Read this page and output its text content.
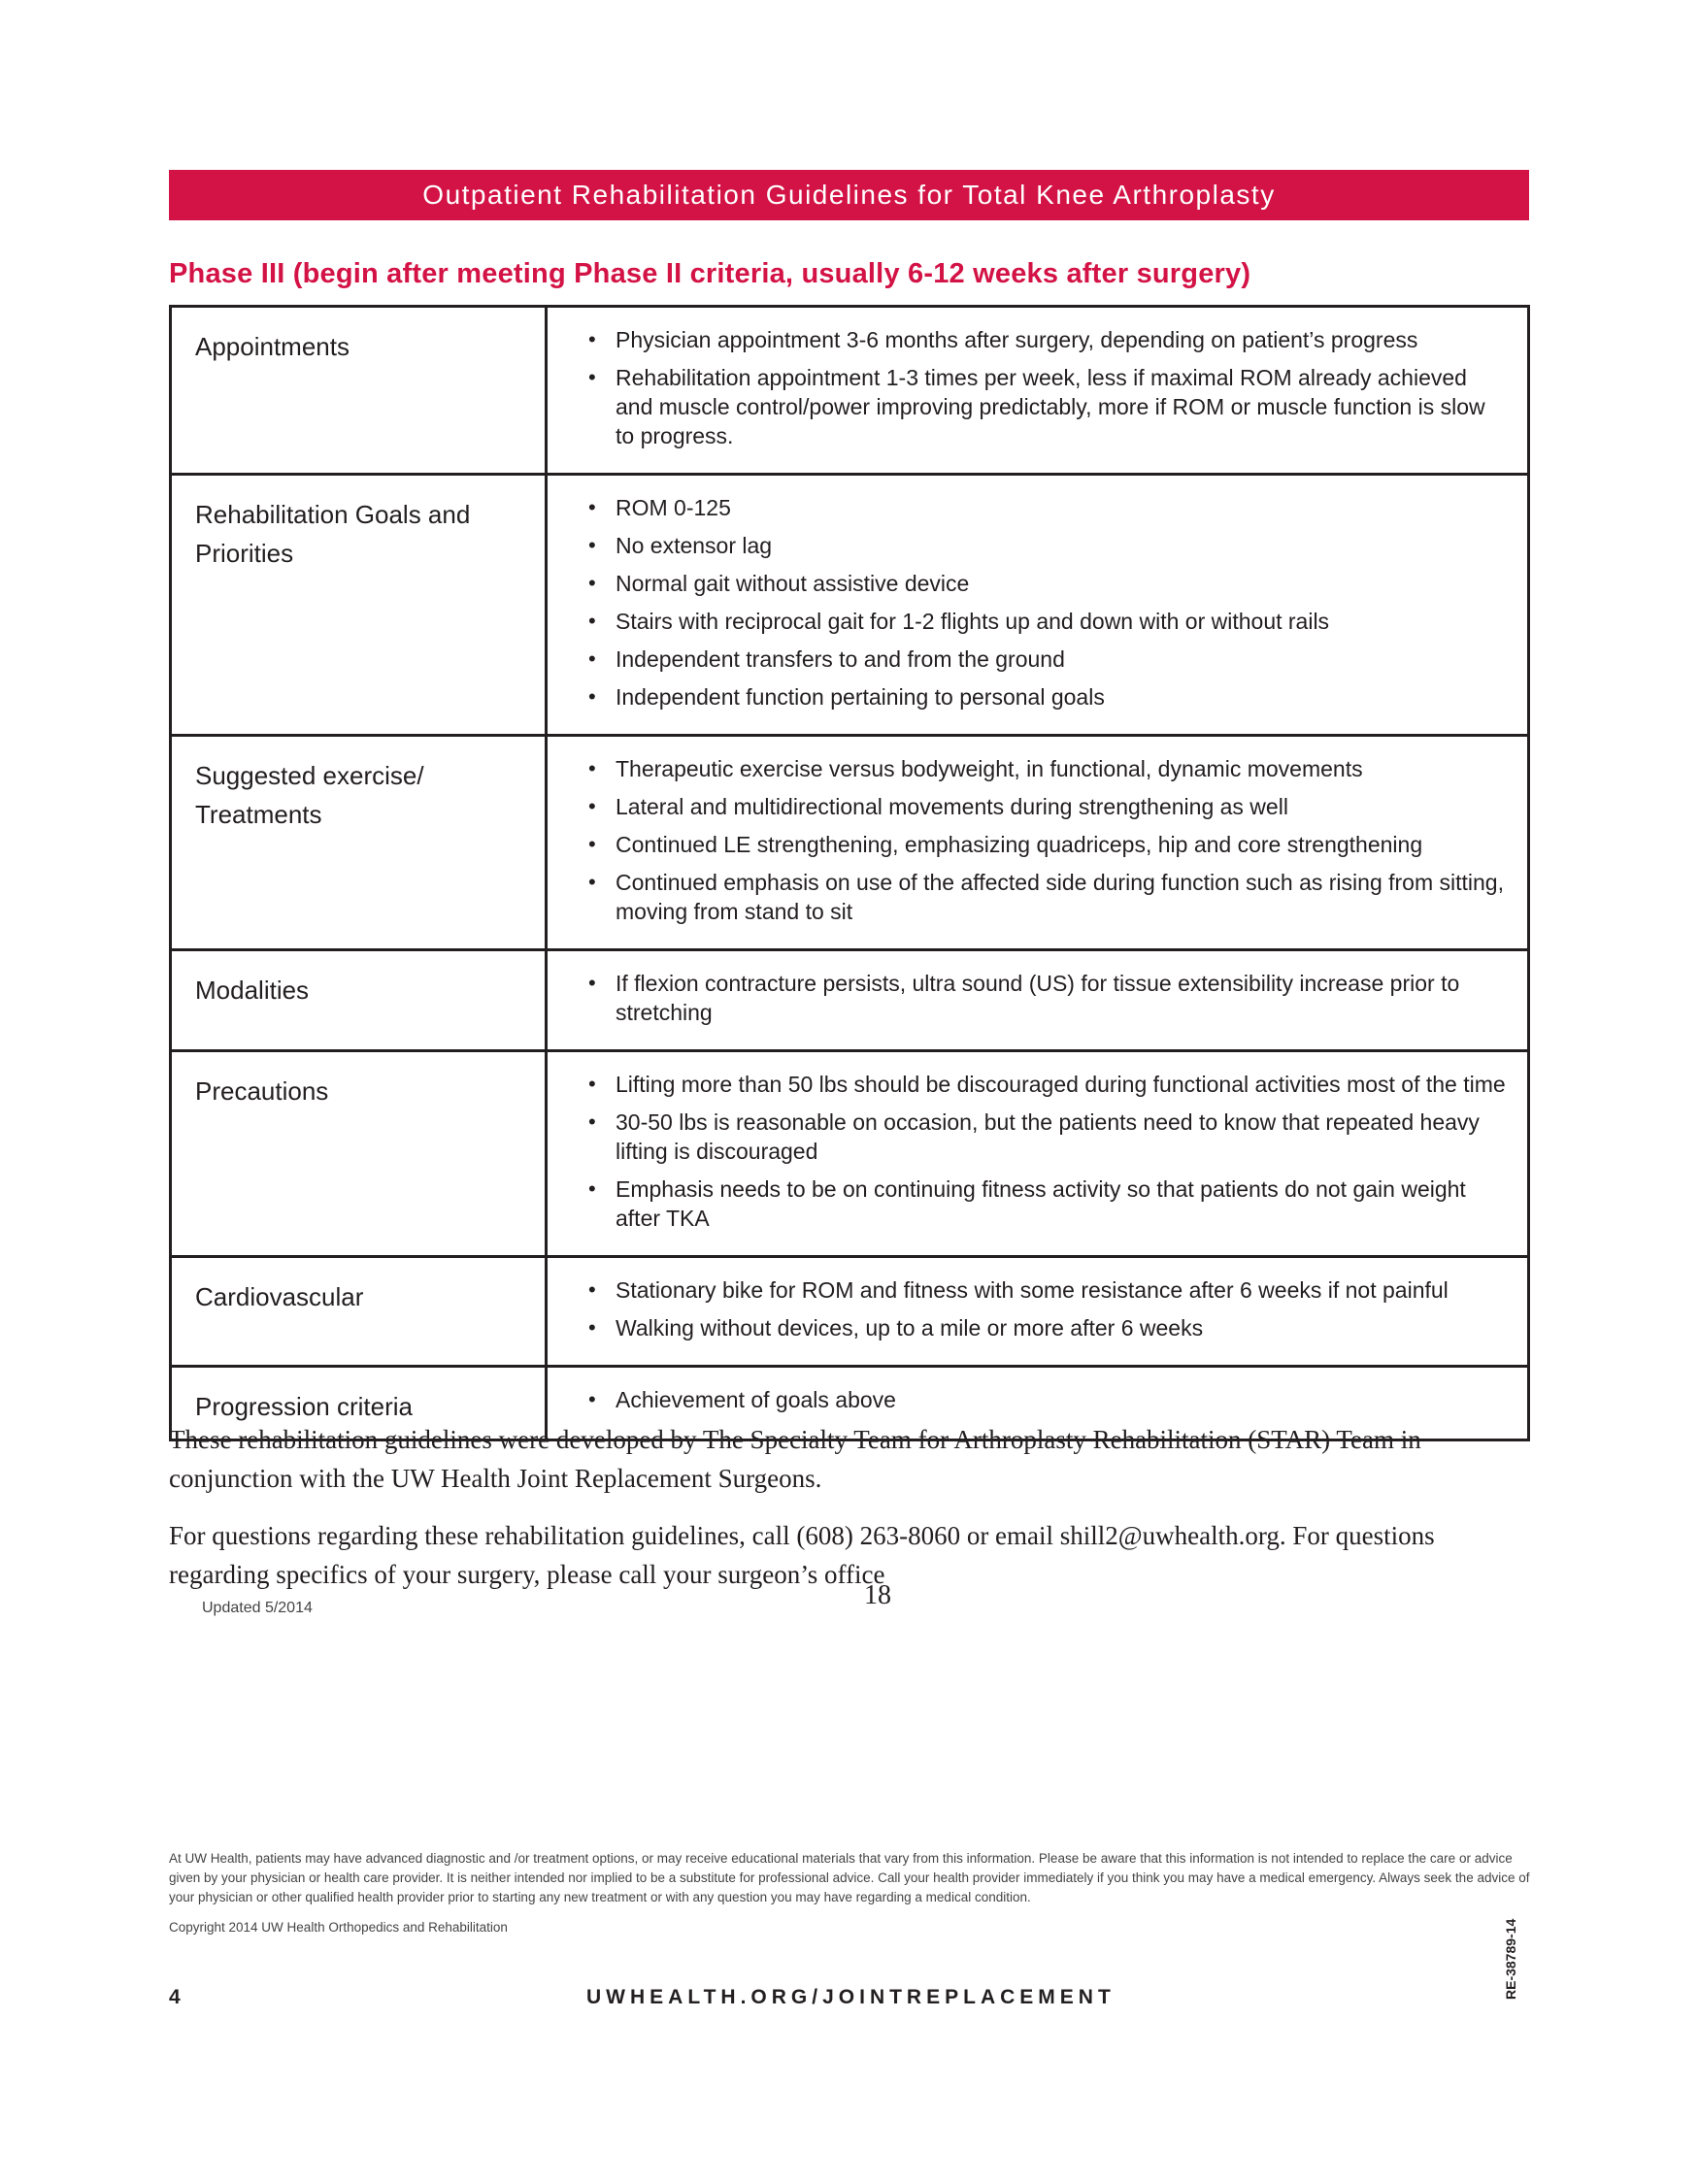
Outpatient Rehabilitation Guidelines for Total Knee Arthroplasty
Phase III (begin after meeting Phase II criteria, usually 6-12 weeks after surgery)
Appointments	
•Physician appointment 3-6 months after surgery, depending on patient’s progress
• Rehabilitation appointment 1-3 times per week, less if maximal ROM already achieved and muscle control/power improving predictably, more if ROM or muscle function is slow to progress.

Rehabilitation Goals and Priorities	
• ROM 0-125
• No extensor lag
• Normal gait without assistive device
• Stairs with reciprocal gait for 1-2 flights up and down with or without rails
• Independent transfers to and from the ground
• Independent function pertaining to personal goals

Suggested exercise/ Treatments	
• Therapeutic exercise versus bodyweight, in functional, dynamic movements
• Lateral and multidirectional movements during strengthening as well
• Continued LE strengthening, emphasizing quadriceps, hip and core strengthening
• Continued emphasis on use of the affected side during function such as rising from sitting, moving from stand to sit

Modalities	
•If flexion contracture persists, ultra sound (US) for tissue extensibility increase prior to stretching

Precautions	
•Lifting more than 50 lbs should be discouraged during functional activities most of the time
• 30-50 lbs is reasonable on occasion, but the patients need to know that repeated heavy lifting is discouraged
• Emphasis needs to be on continuing fitness activity so that patients do not gain weight after TKA

Cardiovascular	
•Stationary bike for ROM and fitness with some resistance after 6 weeks if not painful
• Walking without devices, up to a mile or more after 6 weeks

Progression criteria	
•Achievement of goals above
These rehabilitation guidelines were developed by The Specialty Team for Arthroplasty Rehabilitation (STAR) Team in conjunction with the UW Health Joint Replacement Surgeons.
For questions regarding these rehabilitation guidelines, call (608) 263-8060 or email shill2@uwhealth.org. For questions regarding specifics of your surgery, please call your surgeon’s office
18
Updated 5/2014
At UW Health, patients may have advanced diagnostic and /or treatment options, or may receive educational materials that vary from this information. Please be aware that this information is not intended to replace the care or advice given by your physician or health care provider. It is neither intended nor implied to be a substitute for professional advice. Call your health provider immediately if you think you may have a medical emergency. Always seek the advice of your physician or other qualified health provider prior to starting any new treatment or with any question you may have regarding a medical condition.
Copyright 2014 UW Health Orthopedics and Rehabilitation
4	UWHEALTH.ORG/JOINTREPLACEMENT	RE-38789-14
